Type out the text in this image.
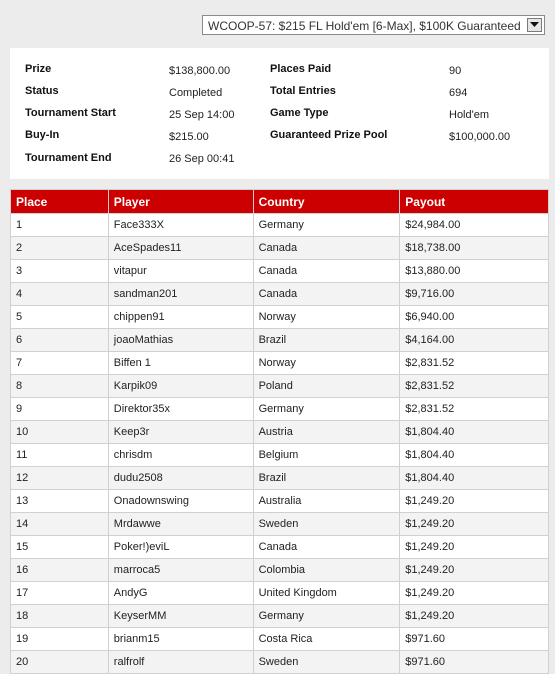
WCOOP-57: $215 FL Hold'em [6-Max], $100K Guaranteed
Prize	$138,800.00
Status	Completed
Tournament Start	25 Sep 14:00
Buy-In	$215.00
Tournament End	26 Sep 00:41
Places Paid	90
Total Entries	694
Game Type	Hold'em
Guaranteed Prize Pool	$100,000.00
Place	Player	Country	Payout
1	Face333X	Germany	$24,984.00
2	AceSpades11	Canada	$18,738.00
3	vitapur	Canada	$13,880.00
4	sandman201	Canada	$9,716.00
5	chippen91	Norway	$6,940.00
6	joaoMathias	Brazil	$4,164.00
7	Biffen 1	Norway	$2,831.52
8	Karpik09	Poland	$2,831.52
9	Direktor35x	Germany	$2,831.52
10	Keep3r	Austria	$1,804.40
11	chrisdm	Belgium	$1,804.40
12	dudu2508	Brazil	$1,804.40
13	Onadownswing	Australia	$1,249.20
14	Mrdawwe	Sweden	$1,249.20
15	Poker!)eviL	Canada	$1,249.20
16	marroca5	Colombia	$1,249.20
17	AndyG	United Kingdom	$1,249.20
18	KeyserMM	Germany	$1,249.20
19	brianm15	Costa Rica	$971.60
20	ralfrolf	Sweden	$971.60
